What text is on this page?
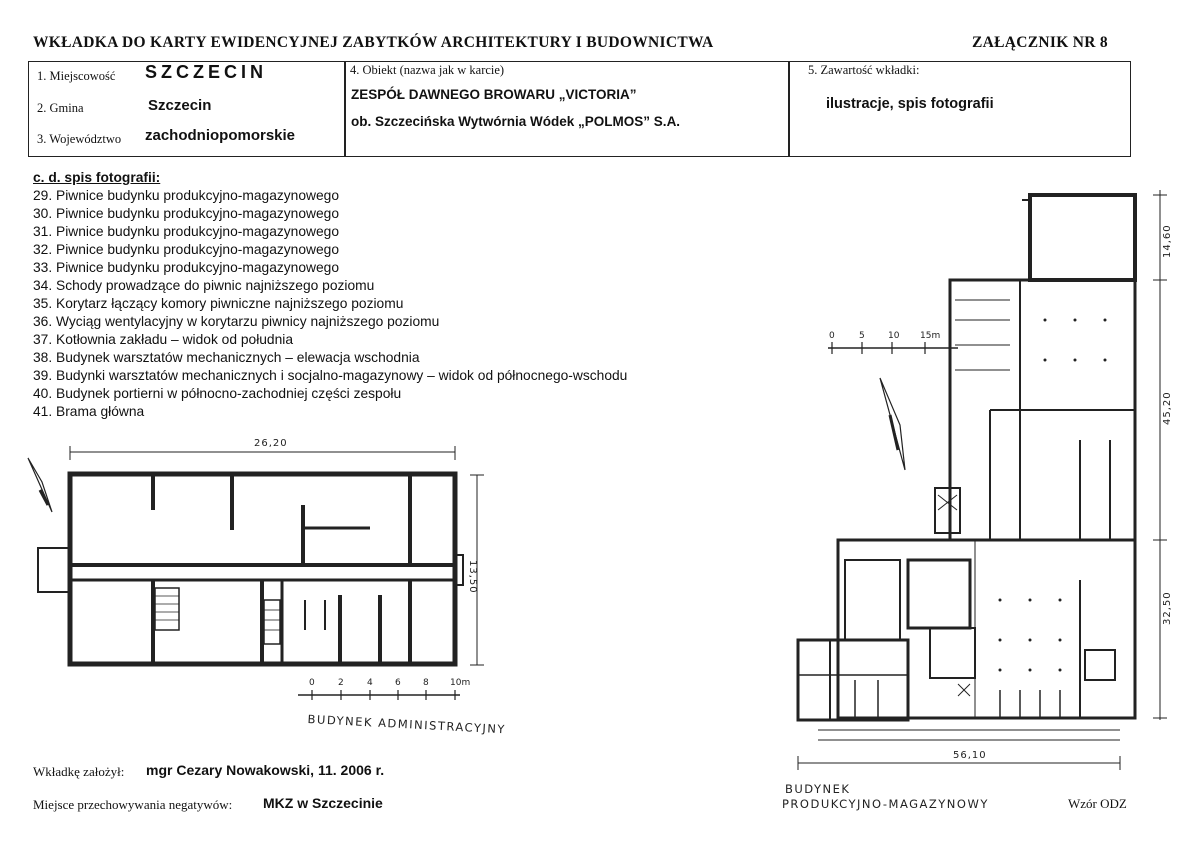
WKŁADKA DO KARTY EWIDENCYJNEJ ZABYTKÓW ARCHITEKTURY I BUDOWNICTWA	ZAŁĄCZNIK NR 8
1. Miejscowość SZCZECIN
2. Gmina	Szczecin
3. Województwo zachodniopomorskie
4. Obiekt (nazwa jak w karcie)
ZESPÓŁ DAWNEGO BROWARU „VICTORIA”
ob. Szczecińska Wytwórnia Wódek „POLMOS” S.A.
5. Zawartość wkładki:
ilustracje, spis fotografii
c. d. spis fotografii:
29. Piwnice budynku produkcyjno-magazynowego
30. Piwnice budynku produkcyjno-magazynowego
31. Piwnice budynku produkcyjno-magazynowego
32. Piwnice budynku produkcyjno-magazynowego
33. Piwnice budynku produkcyjno-magazynowego
34. Schody prowadzące do piwnic najniższego poziomu
35. Korytarz łączący komory piwniczne najniższego poziomu
36. Wyciąg wentylacyjny w korytarzu piwnicy najniższego poziomu
37. Kotłownia zakładu – widok od południa
38. Budynek warsztatów mechanicznych – elewacja wschodnia
39. Budynki warsztatów mechanicznych i socjalno-magazynowy – widok od północnego-wschodu
40. Budynek portierni w północno-zachodniej części zespołu
41. Brama główna
26,20
13,50
0	2	4 6 8 10m
BUDYNEK ADMINISTRACYJNY
14,60
45,20
32,50
56,10
0	5	10 15m
BUDYNEK
PRODUKCYJNO-MAGAZYNOWY
Wkładkę założył: mgr Cezary Nowakowski, 11. 2006 r.
Miejsce przechowywania negatywów: MKZ w Szczecinie	Wzór ODZ
